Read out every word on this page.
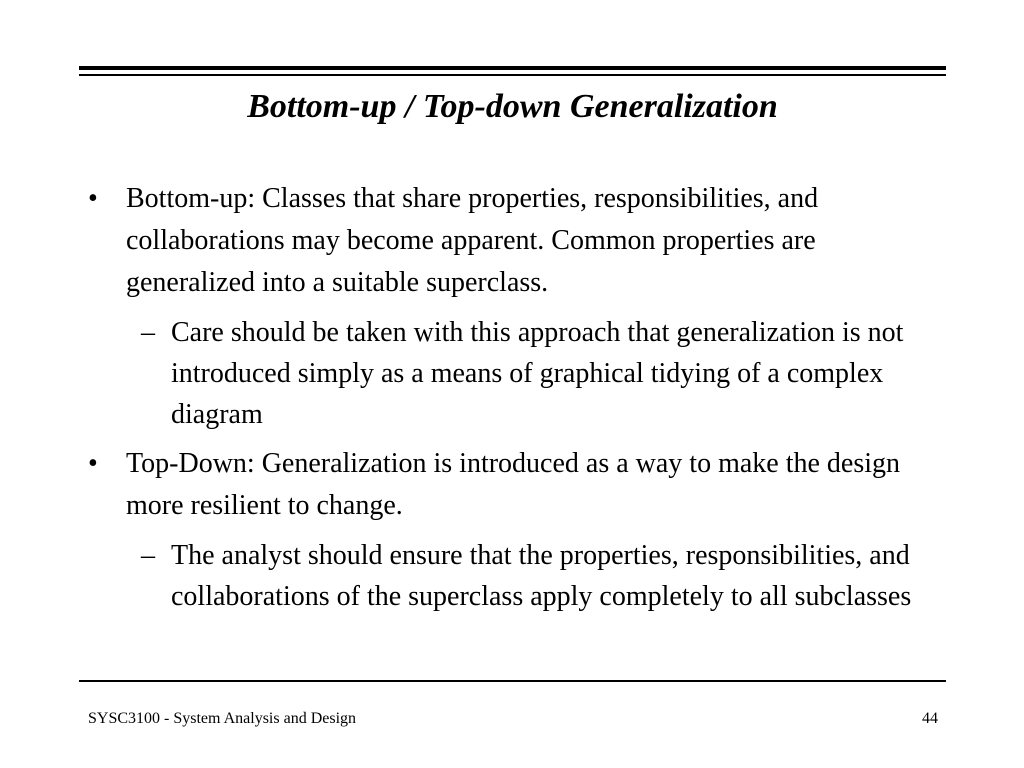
Bottom-up / Top-down Generalization
• Bottom-up: Classes that share properties, responsibilities, and collaborations may become apparent. Common properties are generalized into a suitable superclass.
– Care should be taken with this approach that generalization is not introduced simply as a means of graphical tidying of a complex diagram
• Top-Down: Generalization is introduced as a way to make the design more resilient to change.
– The analyst should ensure that the properties, responsibilities, and collaborations of the superclass apply completely to all subclasses
SYSC3100 - System Analysis and Design	44
